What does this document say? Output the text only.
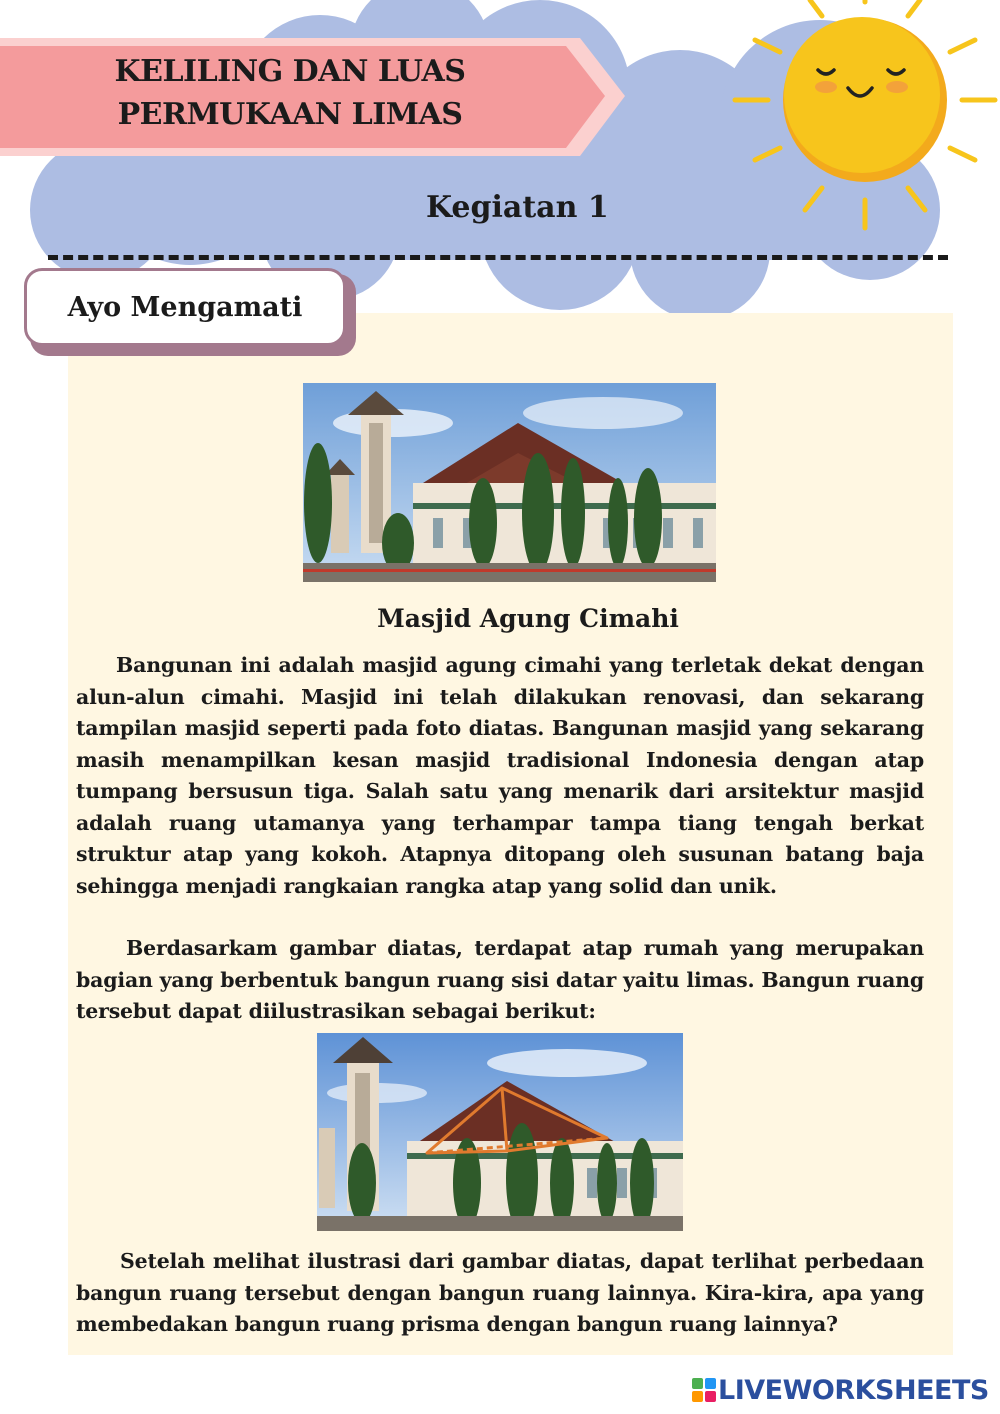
KELILING DAN LUAS
PERMUKAAN LIMAS
Kegiatan 1
Ayo Mengamati
Masjid Agung Cimahi

Bangunan ini adalah masjid agung cimahi yang terletak dekat dengan alun-alun cimahi. Masjid ini telah dilakukan renovasi, dan sekarang tampilan masjid seperti pada foto diatas. Bangunan masjid yang sekarang masih menampilkan kesan masjid tradisional Indonesia dengan atap tumpang bersusun tiga. Salah satu yang menarik dari arsitektur masjid adalah ruang utamanya yang terhampar tampa tiang tengah berkat struktur atap yang kokoh. Atapnya ditopang oleh susunan batang baja sehingga menjadi rangkaian rangka atap yang solid dan unik.

Berdasarkam gambar diatas, terdapat atap rumah yang merupakan bagian yang berbentuk bangun ruang sisi datar yaitu limas. Bangun ruang tersebut dapat diilustrasikan sebagai berikut:

Setelah melihat ilustrasi dari gambar diatas, dapat terlihat perbedaan bangun ruang tersebut dengan bangun ruang lainnya. Kira-kira, apa yang membedakan bangun ruang prisma dengan bangun ruang lainnya?

LIVEWORKSHEETS
